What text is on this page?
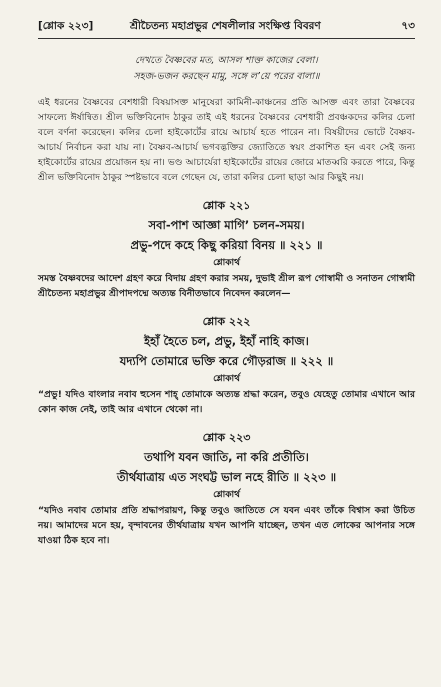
[শ্লোক ২২৩]	শ্রীচৈতন্য মহাপ্রভুর শেষলীলার সংক্ষিপ্ত বিবরণ	৭৩
দেখতে বৈষ্ণবের মত, আসল শাক্ত কাজের বেলা।
সহজ-ভজন করছেন মামু, সঙ্গে ল’য়ে পরের বালা॥
এই ধরনের বৈষ্ণবের বেশধারী বিষয়াসক্ত মানুষেরা কামিনী-কাঞ্চনের প্রতি আসক্ত এবং তারা বৈষ্ণবের সাফল্যে ঈর্ষান্বিত। শ্রীল ভক্তিবিনোদ ঠাকুর তাই এই ধরনের বৈষ্ণবের বেশধারী প্রবঞ্চকদের কলির চেলা বলে বর্ণনা করেছেন। কলির চেলা হাইকোর্টের রায়ে আচার্য হতে পারেন না। বিষয়ীদের ভোটে বৈষ্ণব-আচার্য নির্বাচন করা যায় না। বৈষ্ণব-আচার্য ভগবদ্ভক্তির জ্যোতিতে স্বয়ং প্রকাশিত হন এবং সেই জন্য হাইকোর্টের রায়ের প্রয়োজন হয় না। ভণ্ড আচার্যেরা হাইকোর্টের রায়ের জোরে মাতব্বরি করতে পারে, কিন্তু শ্রীল ভক্তিবিনোদ ঠাকুর স্পষ্টভাবে বলে গেছেন যে, তারা কলির চেলা ছাড়া আর কিছুই নয়।
শ্লোক ২২১
সবা-পাশ আজ্ঞা মাগি’ চলন-সময়।
প্রভু-পদে কহে কিছু করিয়া বিনয় ॥ ২২১ ॥
শ্লোকার্থ
সমস্ত বৈষ্ণবদের আদেশ গ্রহণ করে বিদায় গ্রহণ করার সময়, দুভাই শ্রীল রূপ গোস্বামী ও সনাতন গোস্বামী শ্রীচৈতন্য মহাপ্রভুর শ্রীপাদপদ্মে অত্যন্ত বিনীতভাবে নিবেদন করলেন—
শ্লোক ২২২
ইহাঁ হৈতে চল, প্রভু, ইহাঁ নাহি কাজ।
যদ্যপি তোমারে ভক্তি করে গৌড়রাজ ॥ ২২২ ॥
শ্লোকার্থ
“প্রভু! যদিও বাংলার নবাব হুসেন শাহ্ তোমাকে অত্যন্ত শ্রদ্ধা করেন, তবুও যেহেতু তোমার এখানে আর কোন কাজ নেই, তাই আর এখানে থেকো না।
শ্লোক ২২৩
তথাপি যবন জাতি, না করি প্রতীতি।
তীর্থযাত্রায় এত সংঘট্ট ভাল নহে রীতি ॥ ২২৩ ॥
শ্লোকার্থ
“যদিও নবাব তোমার প্রতি শ্রদ্ধাপরায়ণ, কিন্তু তবুও জাতিতে সে যবন এবং তাঁকে বিশ্বাস করা উচিত নয়। আমাদের মনে হয়, বৃন্দাবনের তীর্থযাত্রায় যখন আপনি যাচ্ছেন, তখন এত লোকের আপনার সঙ্গে যাওয়া ঠিক হবে না।
